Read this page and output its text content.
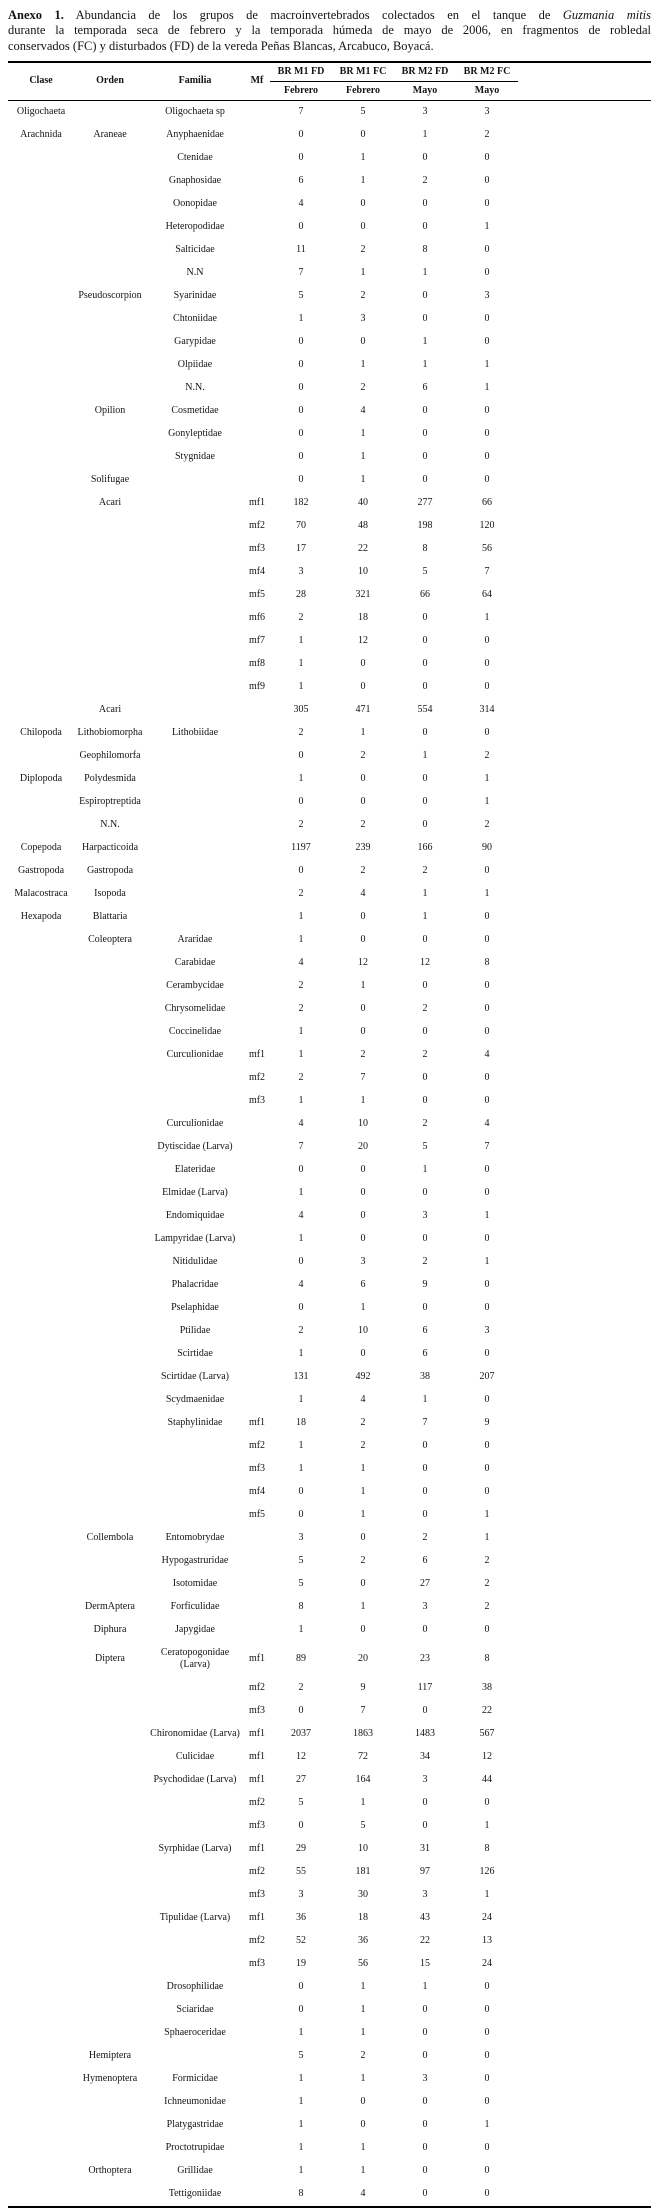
Anexo 1. Abundancia de los grupos de macroinvertebrados colectados en el tanque de Guzmania mitis
durante la temporada seca de febrero y la temporada húmeda de mayo de 2006, en fragmentos de robledal
conservados (FC) y disturbados (FD) de la vereda Peñas Blancas, Arcabuco, Boyacá.

Clase	Orden	Familia	Mf	BR M1 FD	BR M1 FC	BR M2 FD	BR M2 FC	
				Febrero	Febrero	Mayo	Mayo	
Oligochaeta		Oligochaeta sp		7	5	3	3	
Arachnida	Araneae	Anyphaenidae		0	0	1	2	
		Ctenidae		0	1	0	0	
		Gnaphosidae		6	1	2	0	
		Oonopidae		4	0	0	0	
		Heteropodidae		0	0	0	1	
		Salticidae		11	2	8	0	
		N.N		7	1	1	0	
	Pseudoscorpion	Syarinidae		5	2	0	3	
		Chtoniidae		1	3	0	0	
		Garypidae		0	0	1	0	
		Olpiidae		0	1	1	1	
		N.N.		0	2	6	1	
	Opilion	Cosmetidae		0	4	0	0	
		Gonyleptidae		0	1	0	0	
		Stygnidae		0	1	0	0	
	Solifugae			0	1	0	0	
	Acari		mf1	182	40	277	66	
			mf2	70	48	198	120	
			mf3	17	22	8	56	
			mf4	3	10	5	7	
			mf5	28	321	66	64	
			mf6	2	18	0	1	
			mf7	1	12	0	0	
			mf8	1	0	0	0	
			mf9	1	0	0	0	
	Acari			305	471	554	314	
Chilopoda	Lithobiomorpha	Lithobiidae		2	1	0	0	
	Geophilomorfa			0	2	1	2	
Diplopoda	Polydesmida			1	0	0	1	
	Espiroptreptida			0	0	0	1	
	N.N.			2	2	0	2	
Copepoda	Harpacticoida			1197	239	166	90	
Gastropoda	Gastropoda			0	2	2	0	
Malacostraca	Isopoda			2	4	1	1	
Hexapoda	Blattaria			1	0	1	0	
	Coleoptera	Araridae		1	0	0	0	
		Carabidae		4	12	12	8	
		Cerambycidae		2	1	0	0	
		Chrysomelidae		2	0	2	0	
		Coccinelidae		1	0	0	0	
		Curculionidae	mf1	1	2	2	4	
			mf2	2	7	0	0	
			mf3	1	1	0	0	
		Curculionidae		4	10	2	4	
		Dytiscidae (Larva)		7	20	5	7	
		Elateridae		0	0	1	0	
		Elmidae (Larva)		1	0	0	0	
		Endomiquidae		4	0	3	1	
		Lampyridae (Larva)		1	0	0	0	
		Nitidulidae		0	3	2	1	
		Phalacridae		4	6	9	0	
		Pselaphidae		0	1	0	0	
		Ptilidae		2	10	6	3	
		Scirtidae		1	0	6	0	
		Scirtidae (Larva)		131	492	38	207	
		Scydmaenidae		1	4	1	0	
		Staphylinidae	mf1	18	2	7	9	
			mf2	1	2	0	0	
			mf3	1	1	0	0	
			mf4	0	1	0	0	
			mf5	0	1	0	1	
	Collembola	Entomobrydae		3	0	2	1	
		Hypogastruridae		5	2	6	2	
		Isotomidae		5	0	27	2	
	DermAptera	Forficulidae		8	1	3	2	
	Diphura	Japygidae		1	0	0	0	
	Diptera	Ceratopogonidae (Larva)	mf1	89	20	23	8	
			mf2	2	9	117	38	
			mf3	0	7	0	22	
		Chironomidae (Larva)	mf1	2037	1863	1483	567	
		Culicidae	mf1	12	72	34	12	
		Psychodidae (Larva)	mf1	27	164	3	44	
			mf2	5	1	0	0	
			mf3	0	5	0	1	
		Syrphidae (Larva)	mf1	29	10	31	8	
			mf2	55	181	97	126	
			mf3	3	30	3	1	
		Tipulidae (Larva)	mf1	36	18	43	24	
			mf2	52	36	22	13	
			mf3	19	56	15	24	
		Drosophilidae		0	1	1	0	
		Sciaridae		0	1	0	0	
		Sphaeroceridae		1	1	0	0	
	Hemiptera			5	2	0	0	
	Hymenoptera	Formicidae		1	1	3	0	
		Ichneumonidae		1	0	0	0	
		Platygastridae		1	0	0	1	
		Proctotrupidae		1	1	0	0	
	Orthoptera	Grillidae		1	1	0	0	
		Tettigoniidae		8	4	0	0	
